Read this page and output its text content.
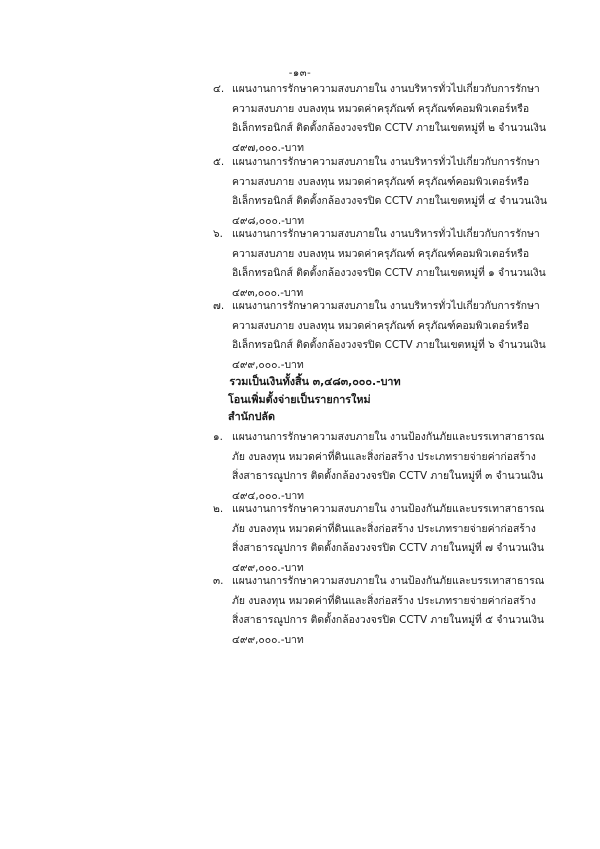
-๑๓-
๔. แผนงานการรักษาความสงบภายใน งานบริหารทั่วไปเกี่ยวกับการรักษา
ความสงบภาย งบลงทุน หมวดค่าครุภัณฑ์ ครุภัณฑ์คอมพิวเตอร์หรือ
อิเล็กทรอนิกส์ ติดตั้งกล้องวงจรปิด CCTV ภายในเขตหมู่ที่ ๒ จำนวนเงิน
๔๙๗,๐๐๐.-บาท
๕. แผนงานการรักษาความสงบภายใน งานบริหารทั่วไปเกี่ยวกับการรักษา
ความสงบภาย งบลงทุน หมวดค่าครุภัณฑ์ ครุภัณฑ์คอมพิวเตอร์หรือ
อิเล็กทรอนิกส์ ติดตั้งกล้องวงจรปิด CCTV ภายในเขตหมู่ที่ ๔ จำนวนเงิน
๔๙๘,๐๐๐.-บาท
๖. แผนงานการรักษาความสงบภายใน งานบริหารทั่วไปเกี่ยวกับการรักษา
ความสงบภาย งบลงทุน หมวดค่าครุภัณฑ์ ครุภัณฑ์คอมพิวเตอร์หรือ
อิเล็กทรอนิกส์ ติดตั้งกล้องวงจรปิด CCTV ภายในเขตหมู่ที่ ๑ จำนวนเงิน
๔๙๓,๐๐๐.-บาท
๗. แผนงานการรักษาความสงบภายใน งานบริหารทั่วไปเกี่ยวกับการรักษา
ความสงบภาย งบลงทุน หมวดค่าครุภัณฑ์ ครุภัณฑ์คอมพิวเตอร์หรือ
อิเล็กทรอนิกส์ ติดตั้งกล้องวงจรปิด CCTV ภายในเขตหมู่ที่ ๖ จำนวนเงิน
๔๙๙,๐๐๐.-บาท
รวมเป็นเงินทั้งสิ้น ๓,๔๘๓,๐๐๐.-บาท
โอนเพิ่มตั้งจ่ายเป็นรายการใหม่
สำนักปลัด
๑. แผนงานการรักษาความสงบภายใน งานป้องกันภัยและบรรเทาสาธารณ
ภัย งบลงทุน หมวดค่าที่ดินและสิ่งก่อสร้าง ประเภทรายจ่ายค่าก่อสร้าง
สิ่งสาธารณูปการ ติดตั้งกล้องวงจรปิด CCTV ภายในหมู่ที่ ๓ จำนวนเงิน
๔๙๔,๐๐๐.-บาท
๒. แผนงานการรักษาความสงบภายใน งานป้องกันภัยและบรรเทาสาธารณ
ภัย งบลงทุน หมวดค่าที่ดินและสิ่งก่อสร้าง ประเภทรายจ่ายค่าก่อสร้าง
สิ่งสาธารณูปการ ติดตั้งกล้องวงจรปิด CCTV ภายในหมู่ที่ ๗ จำนวนเงิน
๔๙๙,๐๐๐.-บาท
๓. แผนงานการรักษาความสงบภายใน งานป้องกันภัยและบรรเทาสาธารณ
ภัย งบลงทุน หมวดค่าที่ดินและสิ่งก่อสร้าง ประเภทรายจ่ายค่าก่อสร้าง
สิ่งสาธารณูปการ ติดตั้งกล้องวงจรปิด CCTV ภายในหมู่ที่ ๕ จำนวนเงิน
๔๙๙,๐๐๐.-บาท
